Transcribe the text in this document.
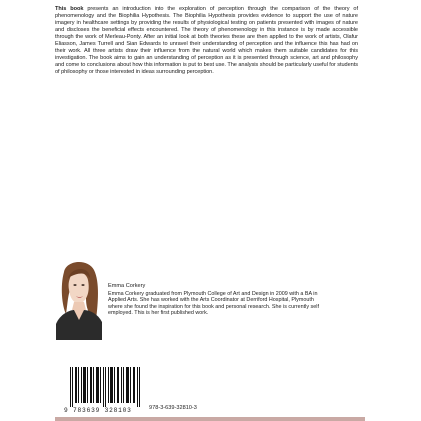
This book presents an introduction into the exploration of perception through the comparison of the theory of phenomenology and the Biophilia Hypothesis. The Biophilia Hypothesis provides evidence to support the use of nature imagery in healthcare settings by providing the results of physiological testing on patients presented with images of nature and discloses the beneficial effects encountered. The theory of phenomenology in this instance is by made accessible through the work of Merleau-Ponty. After an initial look at both theories these are then applied to the work of artists, Olafur Eliasson, James Turrell and Sian Edwards to unravel their understanding of perception and the influence this has had on their work. All three artists draw their influence from the natural world which makes them suitable candidates for this investigation. The book aims to gain an understanding of perception as it is presented through science, art and philosophy and come to conclusions about how this information is put to best use. The analysis should be particularly useful for students of philosophy or those interested in ideas surrounding perception.
Emma Corkery
Emma Corkery graduated from Plymouth College of Art and Design in 2009 with a BA in Applied Arts. She has worked with the Arts Coordinator at Derriford Hospital, Plymouth where she found the inspiration for this book and personal research. She is currently self employed. This is her first published work.
9 783639 328103	978-3-639-32810-3
